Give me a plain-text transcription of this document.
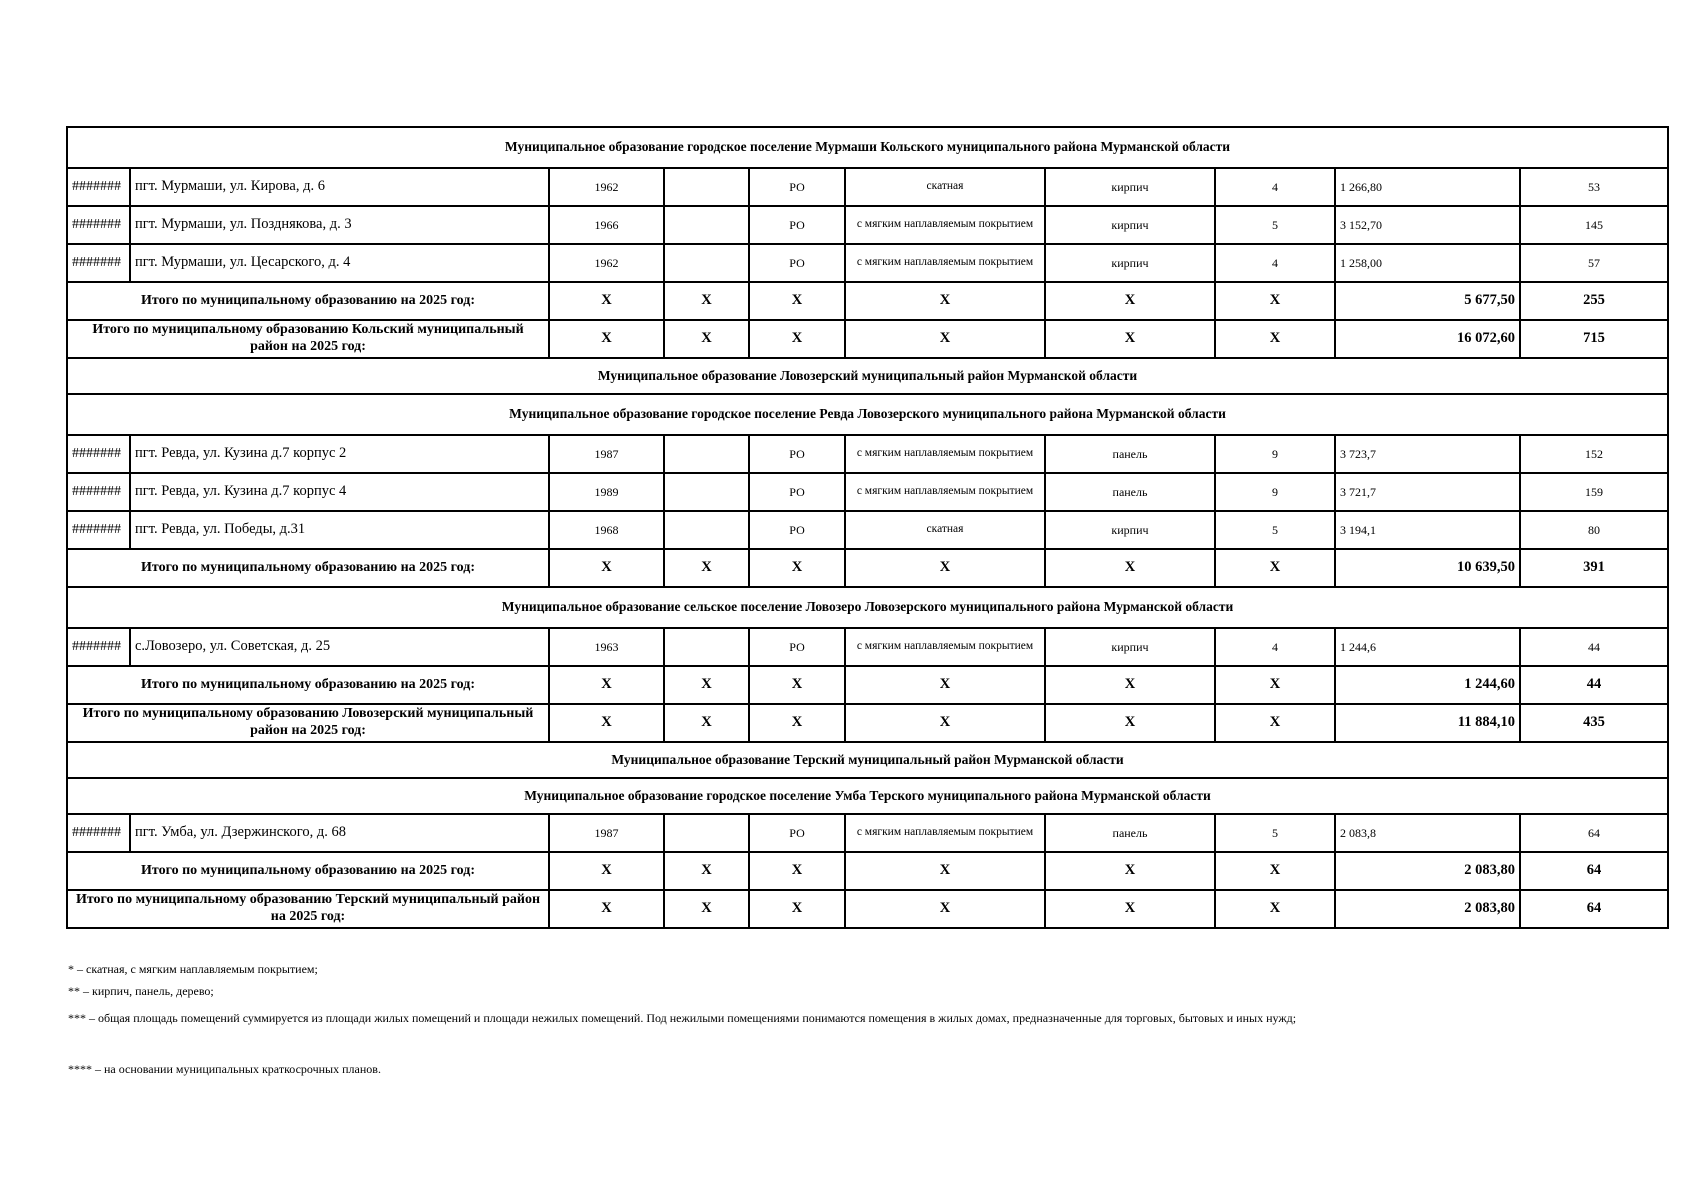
Муниципальное образование городское поселение Мурмаши Кольского муниципального района Мурманской области									
#######	пгт. Мурмаши, ул. Кирова, д. 6	1962		РО	скатная	кирпич	4	1 266,80	53
#######	пгт. Мурмаши, ул. Позднякова, д. 3	1966		РО	с мягким наплавляемым покрытием	кирпич	5	3 152,70	145
#######	пгт. Мурмаши, ул. Цесарского, д. 4	1962		РО	с мягким наплавляемым покрытием	кирпич	4	1 258,00	57
Итого по муниципальному образованию на 2025 год:		X	X	X	X	X	X	5 677,50	255
Итого по муниципальному образованию Кольский муниципальный район на 2025 год:		X	X	X	X	X	X	16 072,60	715
Муниципальное образование Ловозерский муниципальный район Мурманской области									
Муниципальное образование городское поселение Ревда Ловозерского муниципального района Мурманской области									
#######	пгт. Ревда, ул. Кузина д.7 корпус 2	1987		РО	с мягким наплавляемым покрытием	панель	9	3 723,7	152
#######	пгт. Ревда, ул. Кузина д.7 корпус 4	1989		РО	с мягким наплавляемым покрытием	панель	9	3 721,7	159
#######	пгт. Ревда, ул. Победы, д.31	1968		РО	скатная	кирпич	5	3 194,1	80
Итого по муниципальному образованию на 2025 год:		X	X	X	X	X	X	10 639,50	391
Муниципальное образование сельское поселение Ловозеро Ловозерского муниципального района Мурманской области									
#######	с.Ловозеро, ул. Советская, д. 25	1963		РО	с мягким наплавляемым покрытием	кирпич	4	1 244,6	44
Итого по муниципальному образованию на 2025 год:		X	X	X	X	X	X	1 244,60	44
Итого по муниципальному образованию Ловозерский муниципальный район на 2025 год:		X	X	X	X	X	X	11 884,10	435
Муниципальное образование Терский муниципальный район Мурманской области									
Муниципальное образование городское поселение Умба Терского муниципального района Мурманской области									
#######	пгт. Умба, ул. Дзержинского, д. 68	1987		РО	с мягким наплавляемым покрытием	панель	5	2 083,8	64
Итого по муниципальному образованию на 2025 год:		X	X	X	X	X	X	2 083,80	64
Итого по муниципальному образованию Терский муниципальный район на 2025 год:		X	X	X	X	X	X	2 083,80	64
* – скатная, с мягким наплавляемым покрытием;
** – кирпич, панель, дерево;
*** – общая площадь помещений суммируется из площади жилых помещений и площади нежилых помещений. Под нежилыми помещениями понимаются помещения в жилых домах, предназначенные для торговых, бытовых и иных нужд;
**** – на основании муниципальных краткосрочных планов.
